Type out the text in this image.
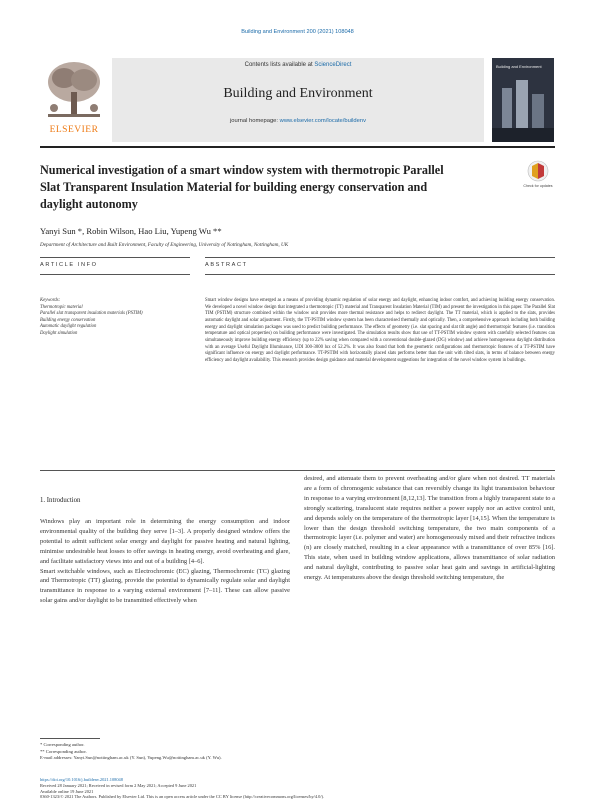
Building and Environment 200 (2021) 108048
ELSEVIER
Contents lists available at ScienceDirect
Building and Environment
journal homepage: www.elsevier.com/locate/buildenv
Building and Environment
Numerical investigation of a smart window system with thermotropic Parallel Slat Transparent Insulation Material for building energy conservation and daylight autonomy
Check for updates
Yanyi Sun *, Robin Wilson, Hao Liu, Yupeng Wu **
Department of Architecture and Built Environment, Faculty of Engineering, University of Nottingham, Nottingham, UK
ARTICLE INFO	ABSTRACT
Keywords:
Thermotropic material
Parallel slat transparent insulation materials (PSTIM)
Building energy conservation
Automatic daylight regulation
Daylight simulation
Smart window designs have emerged as a means of providing dynamic regulation of solar energy and daylight, enhancing indoor comfort, and achieving building energy conservation. We developed a novel window design that integrated a thermotropic (TT) material and Transparent Insulation Material (TIM) and present the investigation in this paper. The Parallel Slat TIM (PSTIM) structure combined within the window unit provides more thermal resistance and helps to redirect daylight. The TT material, which is applied to the slats, provides automatic daylight and solar adjustment. Firstly, the TT-PSTIM window system has been characterised thermally and optically. Then, a comprehensive approach including both building energy and daylight simulation packages was used to predict building performance. The effects of geometry (i.e. slat spacing and slat tilt angle) and thermotropic features (i.e. transition temperature and optical properties) on building performance were investigated. The simulation results show that use of TT-PSTIM window system with carefully selected features can simultaneously improve building energy efficiency (up to 22% saving when compared with a conventional double-glazed (DG) window) and achieve homogeneous daylight distribution with an average Useful Daylight Illuminance, UDI 300-3000 lux of 52.2%. It was also found that both the geometric configurations and thermotropic features of a TT-PSTIM have significant influence on energy and daylight performance. TT-PSTIM with horizontally placed slats performs better than the unit with tilted slats, in terms of balance between energy efficiency and daylight availability. This research provides design guidance and material development suggestions for integration of the novel window system in buildings.
1. Introduction
Windows play an important role in determining the energy consumption and indoor environmental quality of the building they serve [1–3]. A properly designed window offers the potential to admit sufficient solar energy and daylight for passive heating and natural lighting, minimise undesirable heat losses to offer savings in heating energy, avoid overheating and glare, and facilitate satisfactory views into and out of a building [4–6].
Smart switchable windows, such as Electrochromic (EC) glazing, Thermochromic (TC) glazing and Thermotropic (TT) glazing, provide the potential to dynamically regulate solar and daylight transmittance in response to a varying external environment [7–11]. These can allow passive solar gains and/or daylight to be transmitted effectively when
desired, and attenuate them to prevent overheating and/or glare when not desired. TT materials are a form of chromogenic substance that can reversibly change its light transmission behaviour in response to a varying environment [8,12,13]. The transition from a highly transparent state to a strongly scattering, translucent state requires neither a power supply nor an active control unit, and depends solely on the temperature of the thermotropic layer [14,15]. When the temperature is lower than the design threshold switching temperature, the two main components of a thermotropic layer (i.e. polymer and water) are homogeneously mixed and their refractive indices (n) are closely matched, resulting in a clear appearance with a transmittance of over 85% [16]. This state, when used in building window applications, allows transmittance of solar radiation and natural daylight, contributing to passive solar heat gain and savings in artificial-lighting energy. At temperatures above the design threshold switching temperature, the
* Corresponding author.
** Corresponding author.
E-mail addresses: Yanyi.Sun@nottingham.ac.uk (Y. Sun), Yupeng.Wu@nottingham.ac.uk (Y. Wu).
https://doi.org/10.1016/j.buildenv.2021.108048
Received 28 January 2021; Received in revised form 2 May 2021; Accepted 9 June 2021
Available online 19 June 2021
0360-1323/© 2021 The Authors. Published by Elsevier Ltd. This is an open access article under the CC BY license (http://creativecommons.org/licenses/by/4.0/).
